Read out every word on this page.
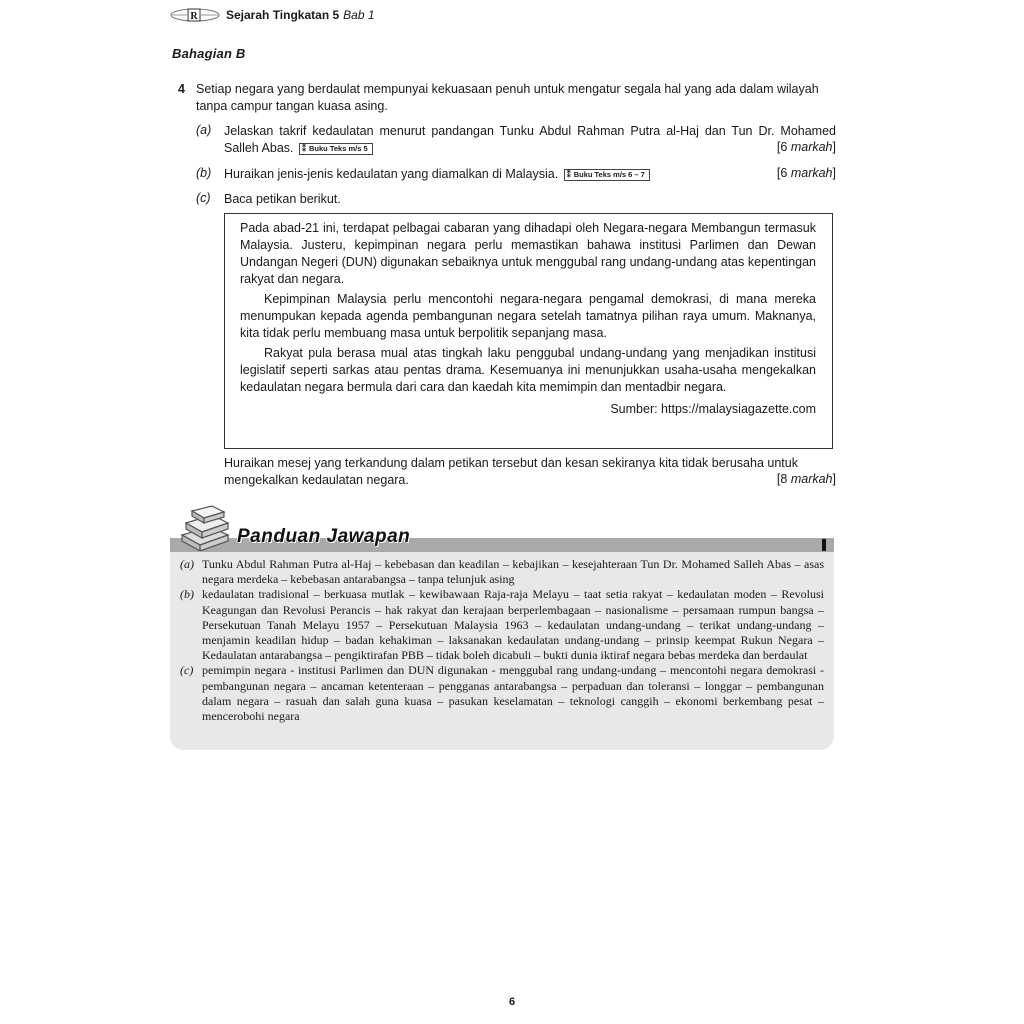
R Sejarah Tingkatan 5 Bab 1
Bahagian B
4 Setiap negara yang berdaulat mempunyai kekuasaan penuh untuk mengatur segala hal yang ada dalam wilayah tanpa campur tangan kuasa asing.
(a) Jelaskan takrif kedaulatan menurut pandangan Tunku Abdul Rahman Putra al-Haj dan Tun Dr. Mohamed Salleh Abas. ⁑ Buku Teks m/s 5	[6 markah]
(b) Huraikan jenis-jenis kedaulatan yang diamalkan di Malaysia. ⁑ Buku Teks m/s 6 – 7	[6 markah]
(c) Baca petikan berikut.

Pada abad-21 ini, terdapat pelbagai cabaran yang dihadapi oleh Negara-negara Membangun termasuk Malaysia. Justeru, kepimpinan negara perlu memastikan bahawa institusi Parlimen dan Dewan Undangan Negeri (DUN) digunakan sebaiknya untuk menggubal rang undang-undang atas kepentingan rakyat dan negara.

Kepimpinan Malaysia perlu mencontohi negara-negara pengamal demokrasi, di mana mereka menumpukan kepada agenda pembangunan negara setelah tamatnya pilihan raya umum. Maknanya, kita tidak perlu membuang masa untuk berpolitik sepanjang masa.

Rakyat pula berasa mual atas tingkah laku penggubal undang-undang yang menjadikan institusi legislatif seperti sarkas atau pentas drama. Kesemuanya ini menunjukkan usaha-usaha mengekalkan kedaulatan negara bermula dari cara dan kaedah kita memimpin dan mentadbir negara.

Sumber: https://malaysiagazette.com
Huraikan mesej yang terkandung dalam petikan tersebut dan kesan sekiranya kita tidak berusaha untuk mengekalkan kedaulatan negara.	[8 markah]
Panduan Jawapan
(a) Tunku Abdul Rahman Putra al-Haj – kebebasan dan keadilan – kebajikan – kesejahteraan Tun Dr. Mohamed Salleh Abas – asas negara merdeka – kebebasan antarabangsa – tanpa telunjuk asing
(b) kedaulatan tradisional – berkuasa mutlak – kewibawaan Raja-raja Melayu – taat setia rakyat – kedaulatan moden – Revolusi Keagungan dan Revolusi Perancis – hak rakyat dan kerajaan berperlembagaan – nasionalisme – persamaan rumpun bangsa – Persekutuan Tanah Melayu 1957 – Persekutuan Malaysia 1963 – kedaulatan undang-undang – terikat undang-undang – menjamin keadilan hidup – badan kehakiman – laksanakan kedaulatan undang-undang – prinsip keempat Rukun Negara – Kedaulatan antarabangsa – pengiktirafan PBB – tidak boleh dicabuli – bukti dunia iktiraf negara bebas merdeka dan berdaulat
(c) pemimpin negara - institusi Parlimen dan DUN digunakan - menggubal rang undang-undang – mencontohi negara demokrasi - pembangunan negara – ancaman ketenteraan – pengganas antarabangsa – perpaduan dan toleransi – longgar – pembangunan dalam negara – rasuah dan salah guna kuasa – pasukan keselamatan – teknologi canggih – ekonomi berkembang pesat – mencerobohi negara
6
